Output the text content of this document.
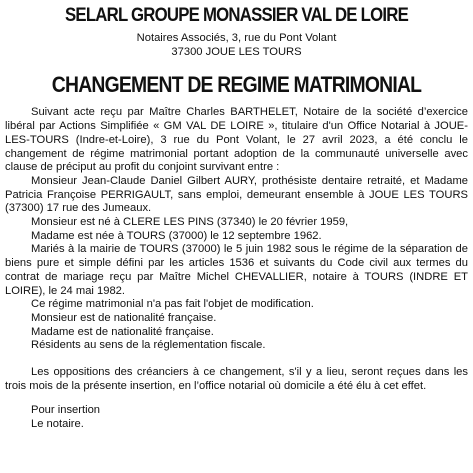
SELARL GROUPE MONASSIER VAL DE LOIRE
Notaires Associés, 3, rue du Pont Volant
37300 JOUE LES TOURS
CHANGEMENT DE REGIME MATRIMONIAL

Suivant acte reçu par Maître Charles BARTHELET, Notaire de la société d’exercice libéral par Actions Simplifiée « GM VAL DE LOIRE », titulaire d'un Office Notarial à JOUE-LES-TOURS (Indre-et-Loire), 3 rue du Pont Volant, le 27 avril 2023, a été conclu le changement de régime matrimonial portant adoption de la communauté universelle avec clause de préciput au profit du conjoint survivant entre :

Monsieur Jean-Claude Daniel Gilbert AURY, prothésiste dentaire retraité, et Madame Patricia Françoise PERRIGAULT, sans emploi, demeurant ensemble à JOUE LES TOURS (37300) 17 rue des Jumeaux.

Monsieur est né à CLERE LES PINS (37340) le 20 février 1959,

Madame est née à TOURS (37000) le 12 septembre 1962.

Mariés à la mairie de TOURS (37000) le 5 juin 1982 sous le régime de la séparation de biens pure et simple défini par les articles 1536 et suivants du Code civil aux termes du contrat de mariage reçu par Maître Michel CHEVALLIER, notaire à TOURS (INDRE ET LOIRE), le 24 mai 1982.

Ce régime matrimonial n'a pas fait l'objet de modification.

Monsieur est de nationalité française.

Madame est de nationalité française.

Résidents au sens de la réglementation fiscale.

Les oppositions des créanciers à ce changement, s'il y a lieu, seront reçues dans les trois mois de la présente insertion, en l’office notarial où domicile a été élu à cet effet.

Pour insertion
Le notaire.
